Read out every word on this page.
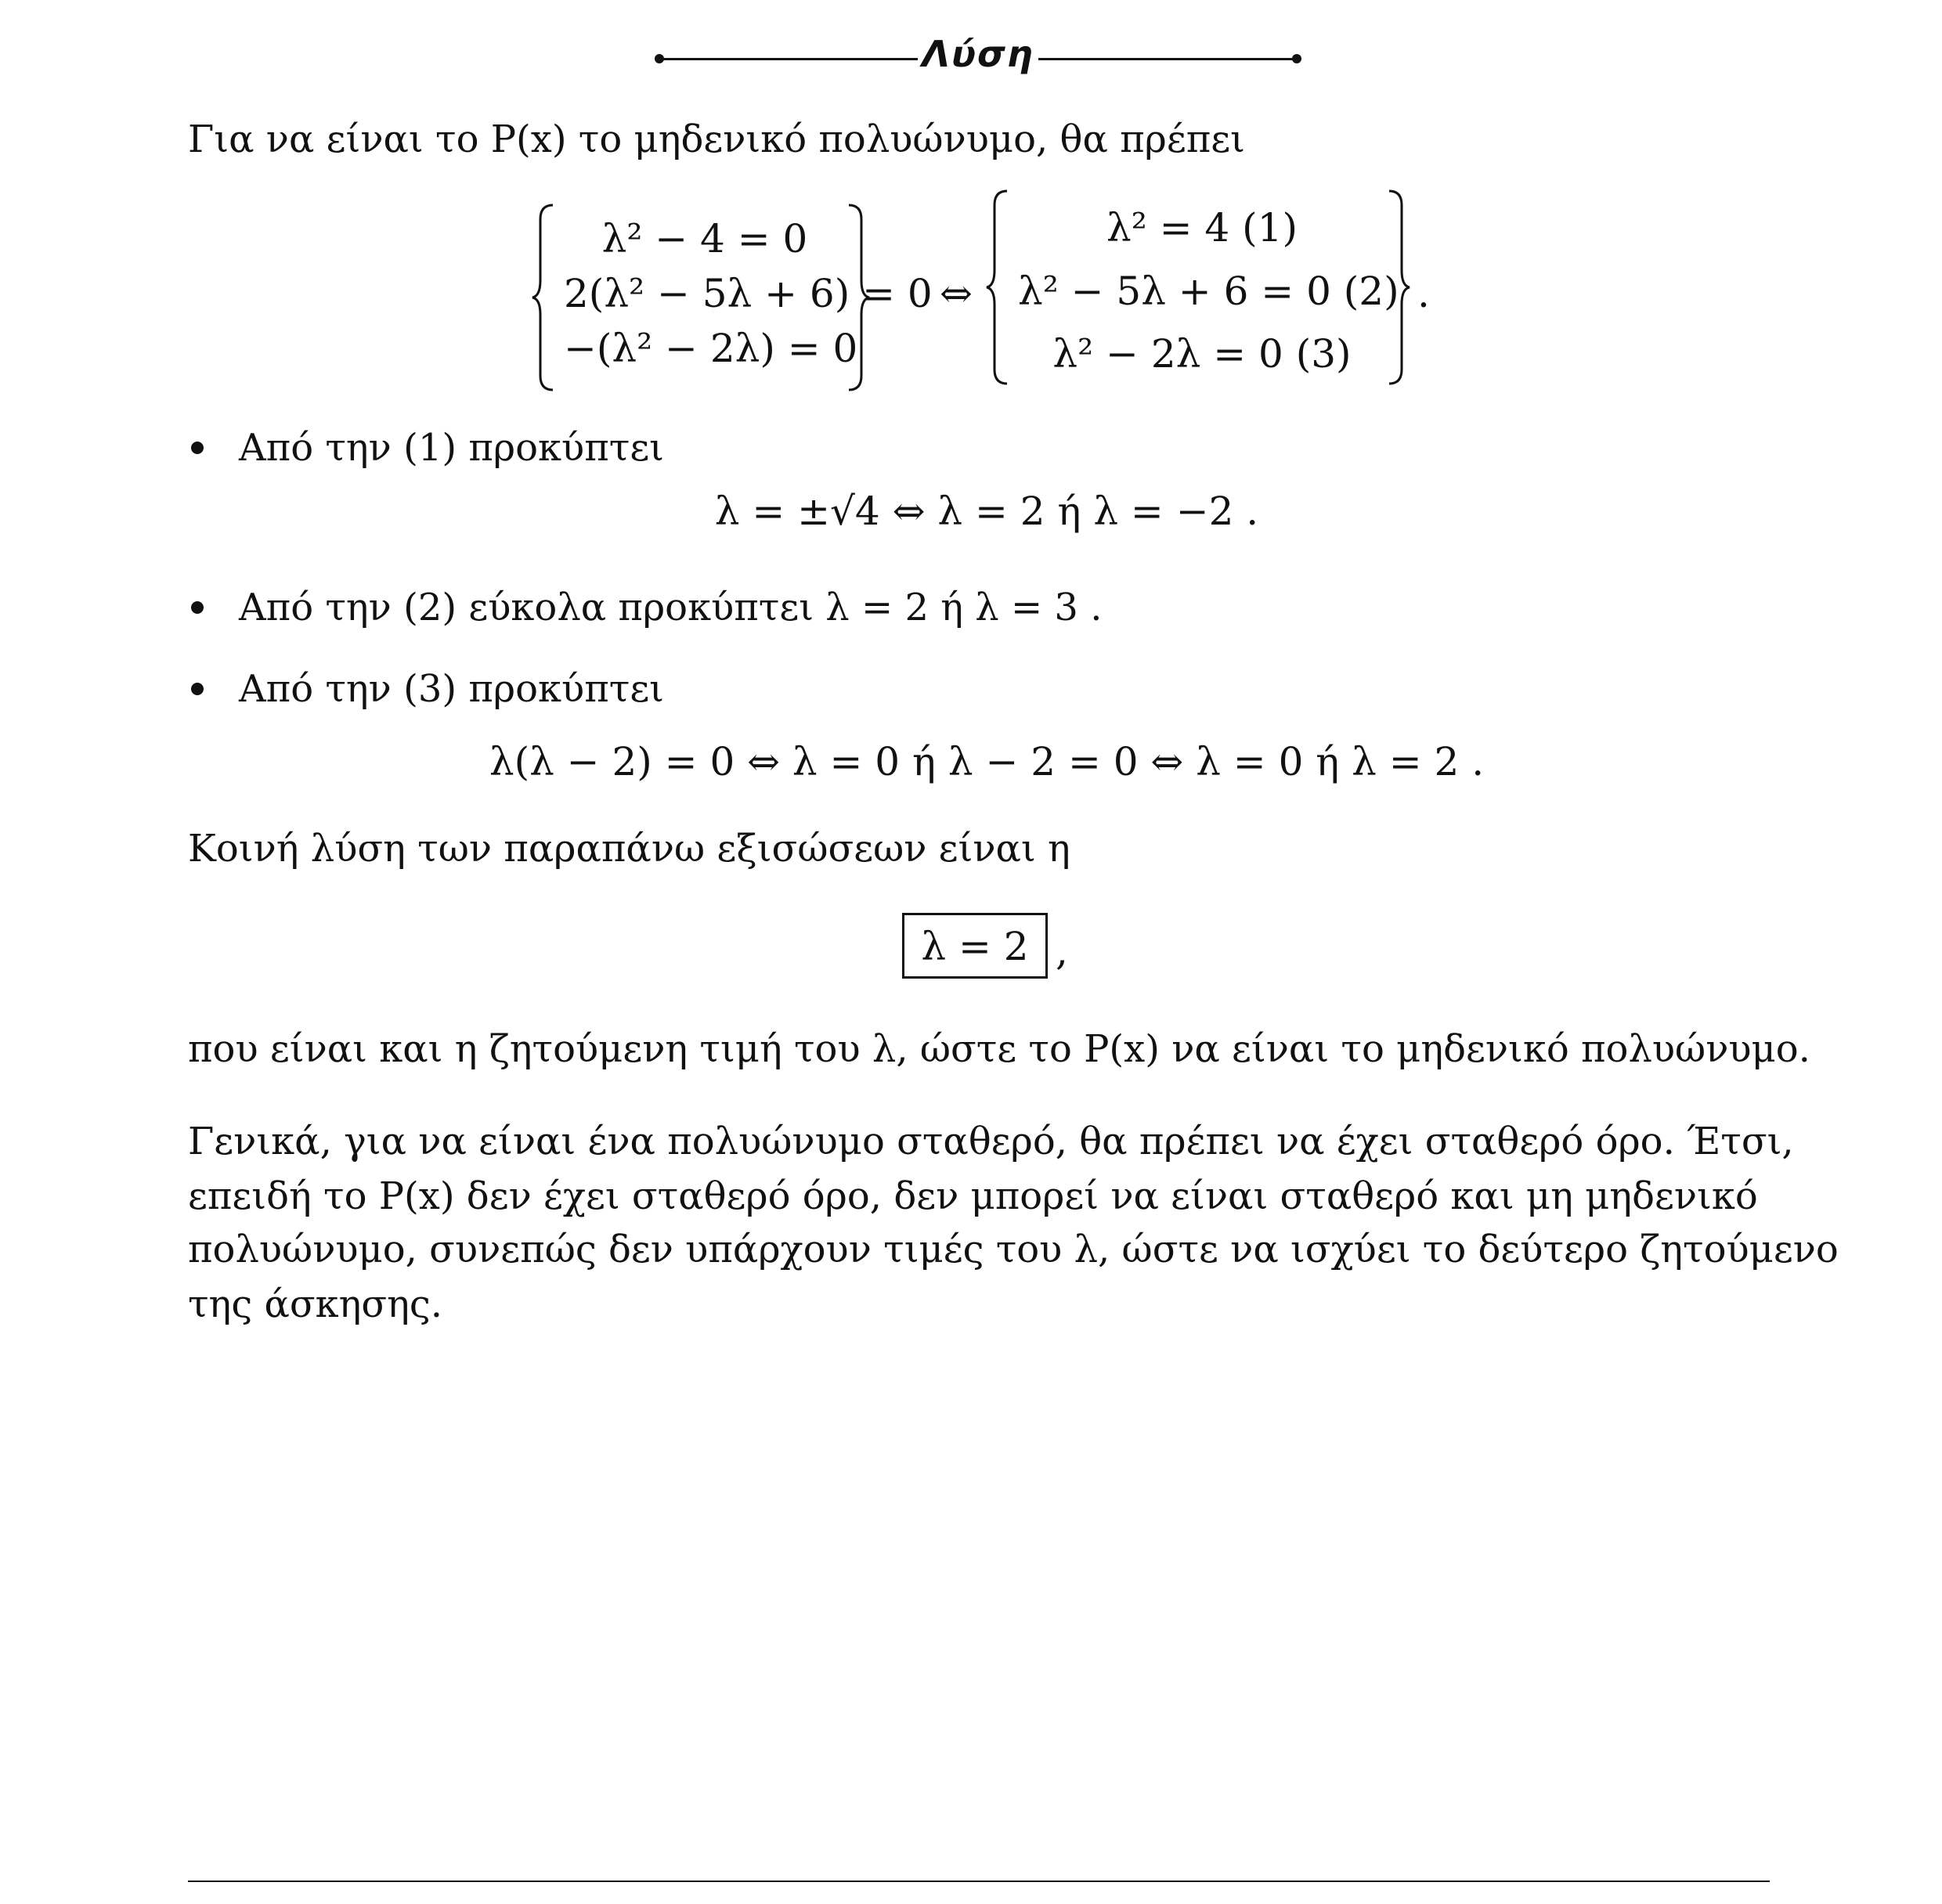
Λύση
Για να είναι το P(x) το μηδενικό πολυώνυμο, θα πρέπει
λ² − 4 = 0
2(λ² − 5λ + 6) = 0
−(λ² − 2λ) = 0
⇔
λ² = 4 (1)
λ² − 5λ + 6 = 0 (2)
λ² − 2λ = 0 (3)
.
Από την (1) προκύπτει
λ = ±√4 ⇔ λ = 2 ή λ = −2 .
Από την (2) εύκολα προκύπτει λ = 2 ή λ = 3 .
Από την (3) προκύπτει
λ(λ − 2) = 0 ⇔ λ = 0 ή λ − 2 = 0 ⇔ λ = 0 ή λ = 2 .
Κοινή λύση των παραπάνω εξισώσεων είναι η
λ = 2 ,
που είναι και η ζητούμενη τιμή του λ, ώστε το P(x) να είναι το μηδενικό πολυώνυμο.
Γενικά, για να είναι ένα πολυώνυμο σταθερό, θα πρέπει να έχει σταθερό όρο. Έτσι,
επειδή το P(x) δεν έχει σταθερό όρο, δεν μπορεί να είναι σταθερό και μη μηδενικό
πολυώνυμο, συνεπώς δεν υπάρχουν τιμές του λ, ώστε να ισχύει το δεύτερο ζητούμενο
της άσκησης.
